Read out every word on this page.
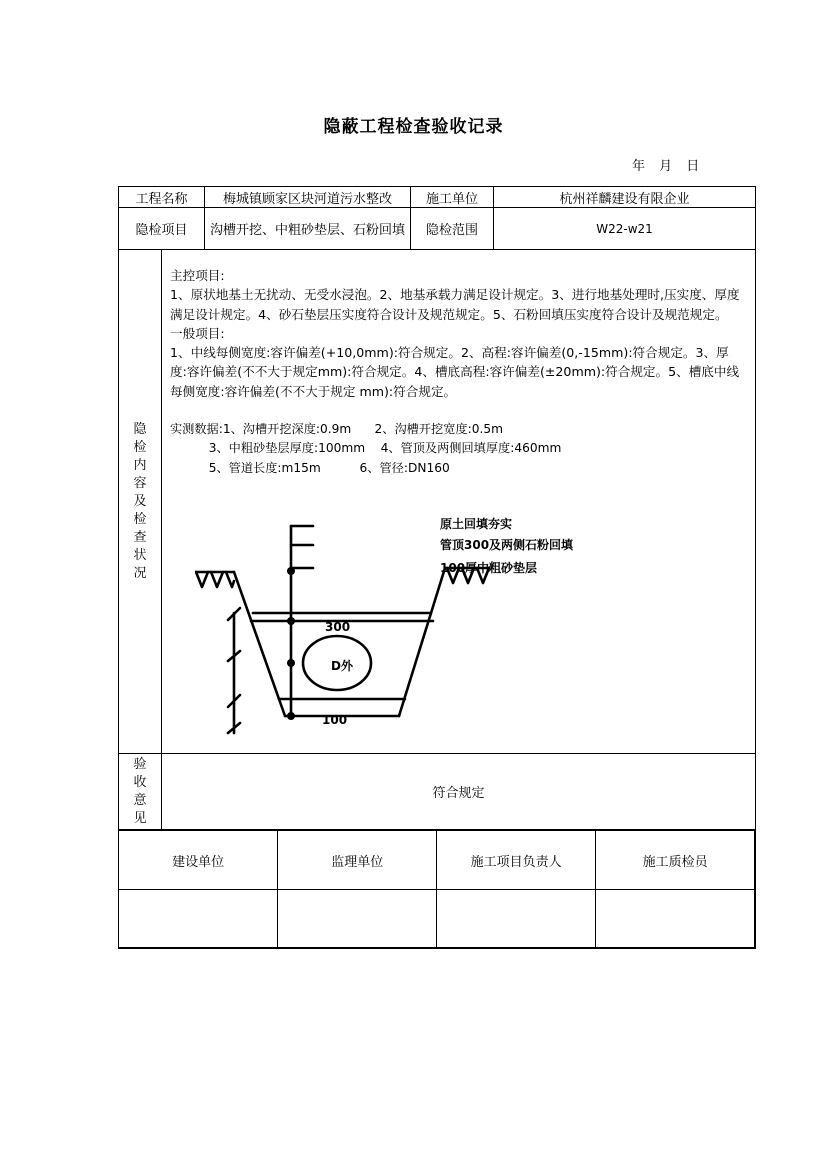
隐蔽工程检查验收记录
年 月 日
工程名称	梅城镇顾家区块河道污水整改	施工单位	杭州祥麟建设有限企业
隐检项目	沟槽开挖、中粗砂垫层、石粉回填	隐检范围	W22-w21

隐
检
内
容
及
检
查
状
况

主控项目:

1、原状地基土无扰动、无受水浸泡。2、地基承载力满足设计规定。3、进行地基处理时,压实度、厚度满足设计规定。4、砂石垫层压实度符合设计及规范规定。5、石粉回填压实度符合设计及规范规定。

一般项目:

1、中线每侧宽度:容许偏差(+10,0mm):符合规定。2、高程:容许偏差(0,-15mm):符合规定。3、厚度:容许偏差(不不大于规定mm):符合规定。4、槽底高程:容许偏差(±20mm):符合规定。5、槽底中线每侧宽度:容许偏差(不不大于规定 mm):符合规定。

实测数据:1、沟槽开挖深度:0.9m      2、沟槽开挖宽度:0.5m

3、中粗砂垫层厚度:100mm    4、管顶及两侧回填厚度:460mm

5、管道长度:m15m          6、管径:DN160

验
收
意
见
	符合规定

建设单位	监理单位	施工项目负责人	施工质检员

原土回填夯实
管顶300及两侧石粉回填
100厚中粗砂垫层
300
D外
100
